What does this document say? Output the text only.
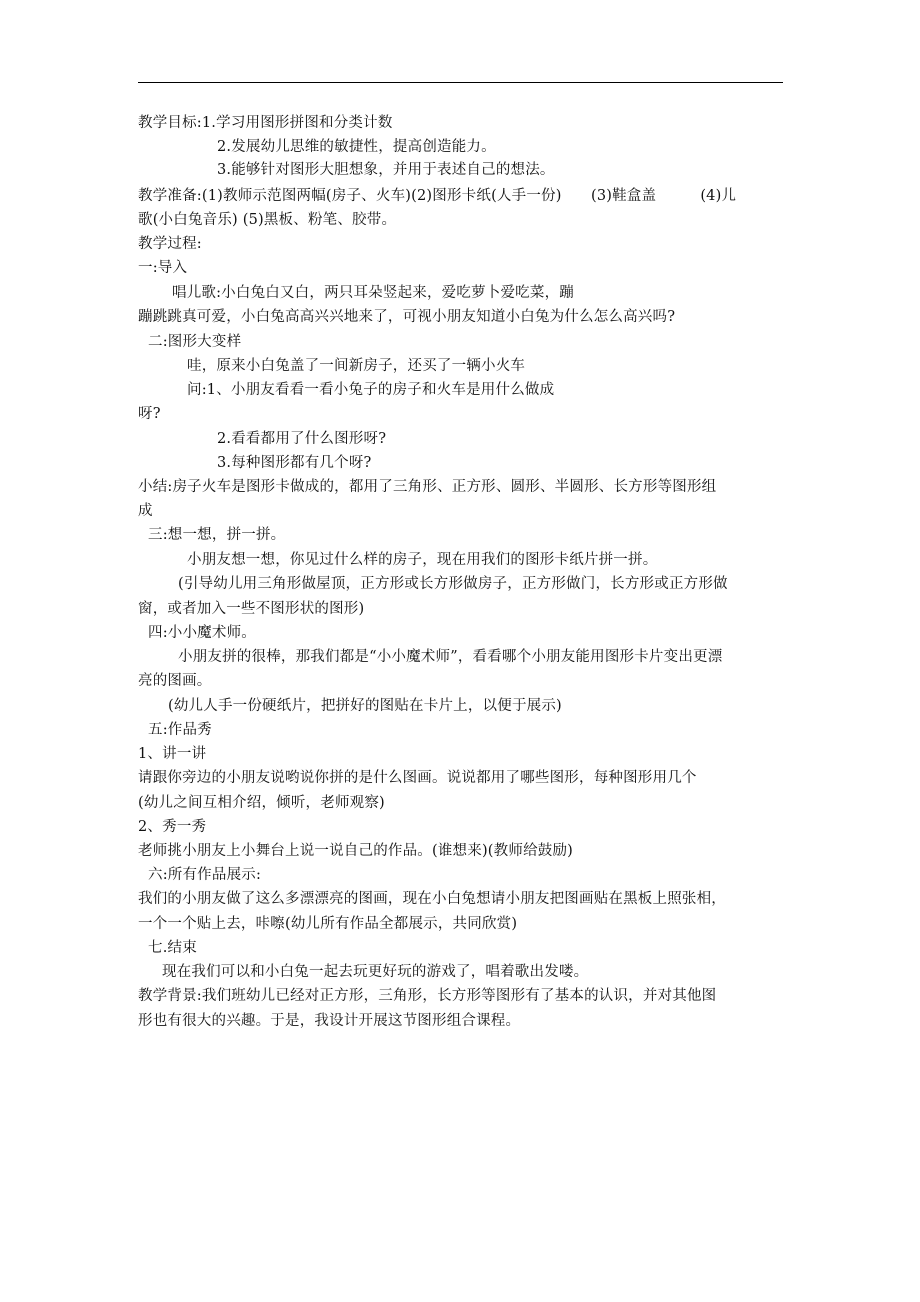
教学目标:1.学习用图形拼图和分类计数
2.发展幼儿思维的敏捷性，提高创造能力。
3.能够针对图形大胆想象，并用于表述自己的想法。
教学准备:(1)教师示范图两幅(房子、火车)(2)图形卡纸(人手一份)　　(3)鞋盒盖　　　(4)儿
歌(小白兔音乐) (5)黑板、粉笔、胶带。
教学过程:
一:导入
唱儿歌:小白兔白又白，两只耳朵竖起来，爱吃萝卜爱吃菜，蹦
蹦跳跳真可爱，小白兔高高兴兴地来了，可视小朋友知道小白兔为什么怎么高兴吗?
二:图形大变样
哇，原来小白兔盖了一间新房子，还买了一辆小火车
问:1、小朋友看看一看小兔子的房子和火车是用什么做成
呀?
2.看看都用了什么图形呀?
3.每种图形都有几个呀?
小结:房子火车是图形卡做成的，都用了三角形、正方形、圆形、半圆形、长方形等图形组
成
三:想一想，拼一拼。
小朋友想一想，你见过什么样的房子，现在用我们的图形卡纸片拼一拼。
(引导幼儿用三角形做屋顶，正方形或长方形做房子，正方形做门，长方形或正方形做
窗，或者加入一些不图形状的图形)
四:小小魔术师。
小朋友拼的很棒，那我们都是“小小魔术师”，看看哪个小朋友能用图形卡片变出更漂
亮的图画。
(幼儿人手一份硬纸片，把拼好的图贴在卡片上，以便于展示)
五:作品秀
1、讲一讲
请跟你旁边的小朋友说哟说你拼的是什么图画。说说都用了哪些图形，每种图形用几个
(幼儿之间互相介绍，倾听，老师观察)
2、秀一秀
老师挑小朋友上小舞台上说一说自己的作品。(谁想来)(教师给鼓励)
六:所有作品展示:
我们的小朋友做了这么多漂漂亮的图画，现在小白兔想请小朋友把图画贴在黑板上照张相，
一个一个贴上去，咔嚓(幼儿所有作品全都展示，共同欣赏)
七.结束
现在我们可以和小白兔一起去玩更好玩的游戏了，唱着歌出发喽。
教学背景:我们班幼儿已经对正方形，三角形，长方形等图形有了基本的认识，并对其他图
形也有很大的兴趣。于是，我设计开展这节图形组合课程。
